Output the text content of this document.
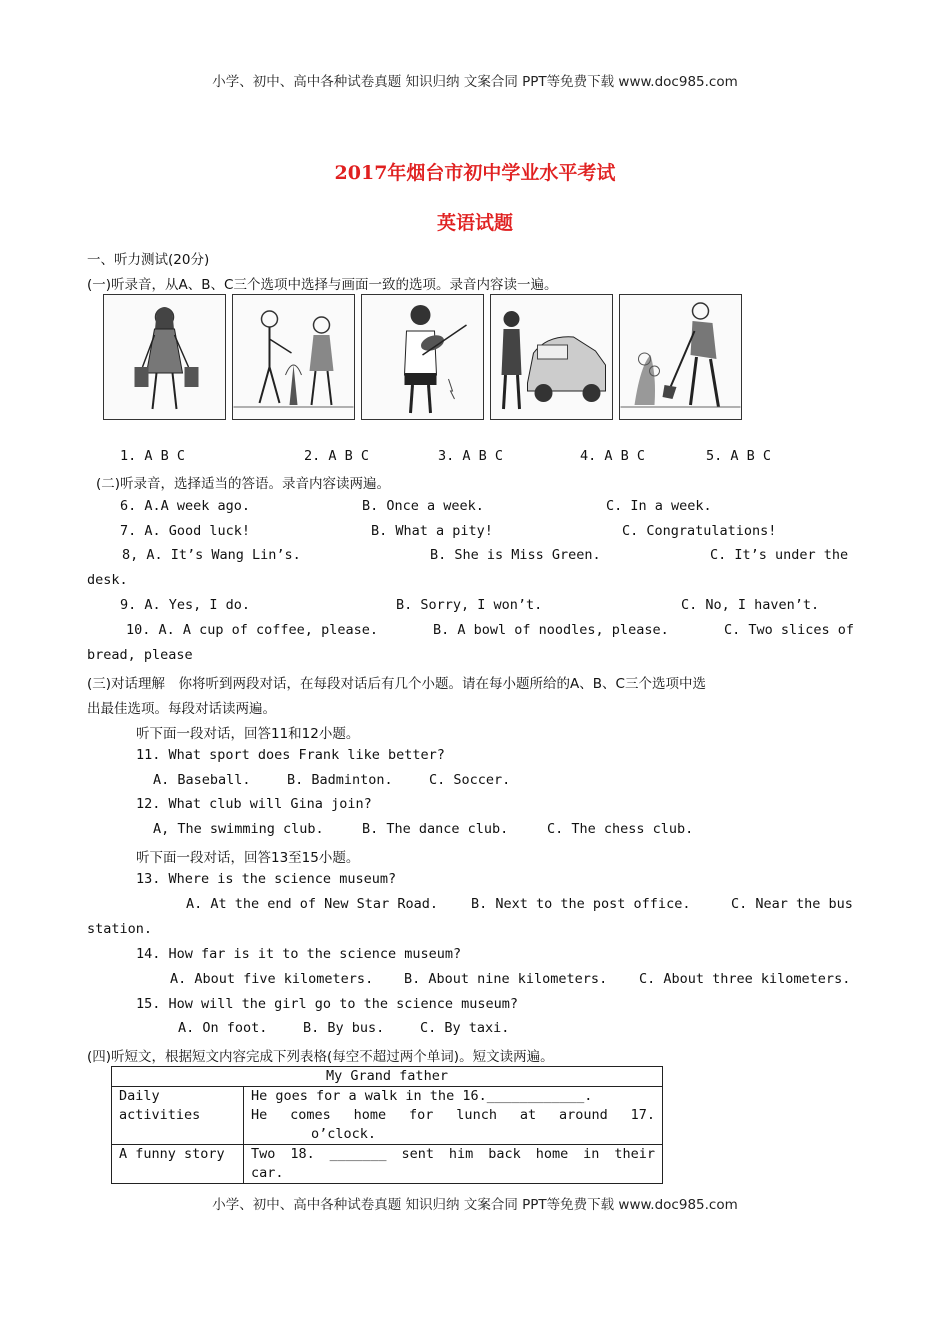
小学、初中、高中各种试卷真题 知识归纳 文案合同 PPT等免费下载 www.doc985.com
2017年烟台市初中学业水平考试
英语试题
一、听力测试(20分)
(一)听录音，从A、B、C三个选项中选择与画面一致的选项。录音内容读一遍。
1. A B C	2. A B C	3. A B C	4. A B C	5. A B C
(二)听录音，选择适当的答语。录音内容读两遍。
6. A.A week ago.	B. Once a week.	C. In a week.
7. A. Good luck!	B. What a pity!	C. Congratulations!
8, A. It’s Wang Lin’s.	B. She is Miss Green.	C. It’s under the
desk.
9. A. Yes, I do.	B. Sorry, I won’t.	C. No, I haven’t.
10. A. A cup of coffee, please.	B. A bowl of noodles, please.	C. Two slices of
bread, please
(三)对话理解　你将听到两段对话，在每段对话后有几个小题。请在每小题所给的A、B、C三个选项中选
出最佳选项。每段对话读两遍。
听下面一段对话，回答11和12小题。
11. What sport does Frank like better?
A. Baseball.	B. Badminton.	C. Soccer.
12. What club will Gina join?
A, The swimming club.	B. The dance club.	C. The chess club.
听下面一段对话，回答13至15小题。
13. Where is the science museum?
A. At the end of New Star Road. B. Next to the post office.	C. Near the bus
station.
14. How far is it to the science museum?
A. About five kilometers. B. About nine kilometers. C. About three kilometers.
15. How will the girl go to the science museum?
A. On foot.	B. By bus.	C. By taxi.
(四)听短文，根据短文内容完成下列表格(每空不超过两个单词)。短文读两遍。
My Grand father	
Daily activities	He goes for a walk in the 16.____________.
He comes home for lunch at around 17.
o’clock.

A funny story	Two 18. _______ sent him back home in their
car.
小学、初中、高中各种试卷真题 知识归纳 文案合同 PPT等免费下载 www.doc985.com
